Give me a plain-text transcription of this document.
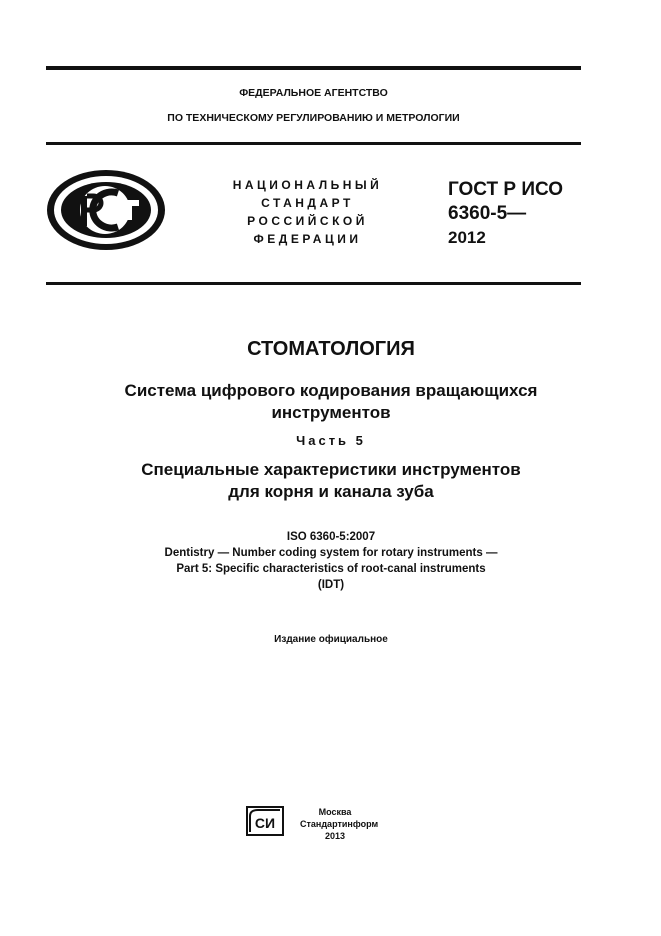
ФЕДЕРАЛЬНОЕ АГЕНТСТВО
ПО ТЕХНИЧЕСКОМУ РЕГУЛИРОВАНИЮ И МЕТРОЛОГИИ
НАЦИОНАЛЬНЫЙ
СТАНДАРТ
РОССИЙСКОЙ
ФЕДЕРАЦИИ
ГОСТ Р ИСО
6360-5—
2012
СТОМАТОЛОГИЯ
Система цифрового кодирования вращающихся
инструментов
Часть 5
Специальные характеристики инструментов
для корня и канала зуба
ISO 6360-5:2007
Dentistry — Number coding system for rotary instruments —
Part 5: Specific characteristics of root-canal instruments
(IDT)
Издание официальное
СИ
Москва
Стандартинформ
2013
